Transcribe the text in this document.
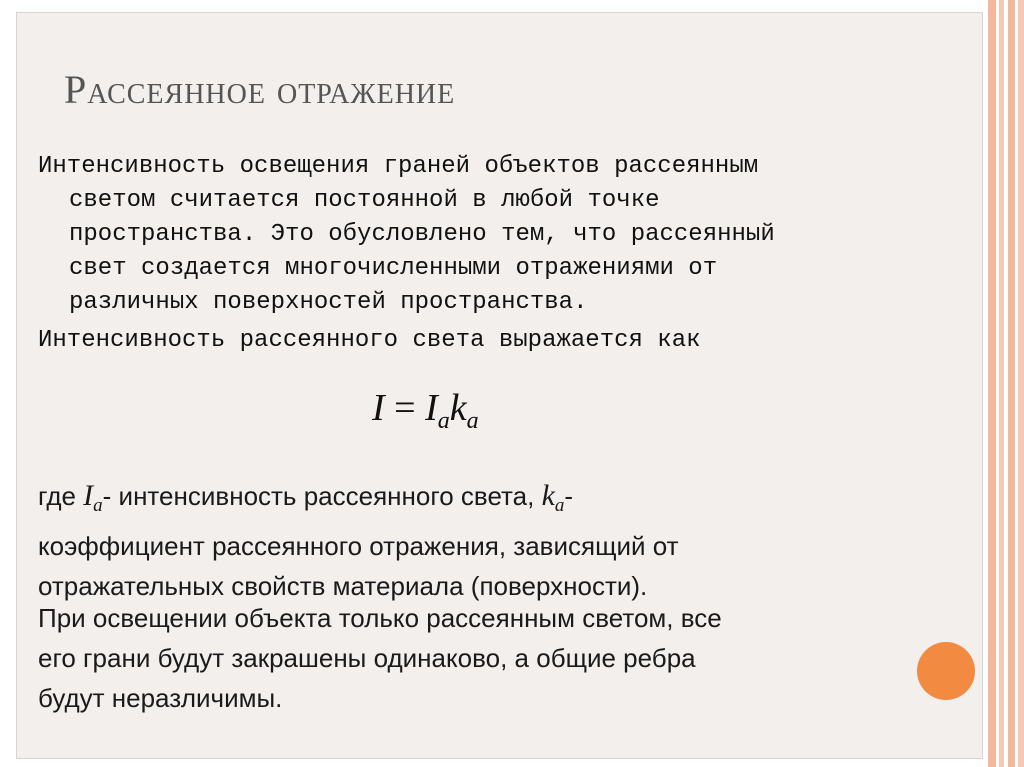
Рассеянное отражение
Интенсивность освещения граней объектов рассеянным
светом считается постоянной в любой точке
пространства. Это обусловлено тем, что рассеянный
свет создается многочисленными отражениями от
различных поверхностей пространства.
Интенсивность рассеянного света выражается как
$I = I_ak_a$
где $I_a-$ интенсивность рассеянного света, $k_a-$
коэффициент рассеянного отражения, зависящий от
отражательных свойств материала (поверхности).
При освещении объекта только рассеянным светом, все
его грани будут закрашены одинаково, а общие ребра
будут неразличимы.
